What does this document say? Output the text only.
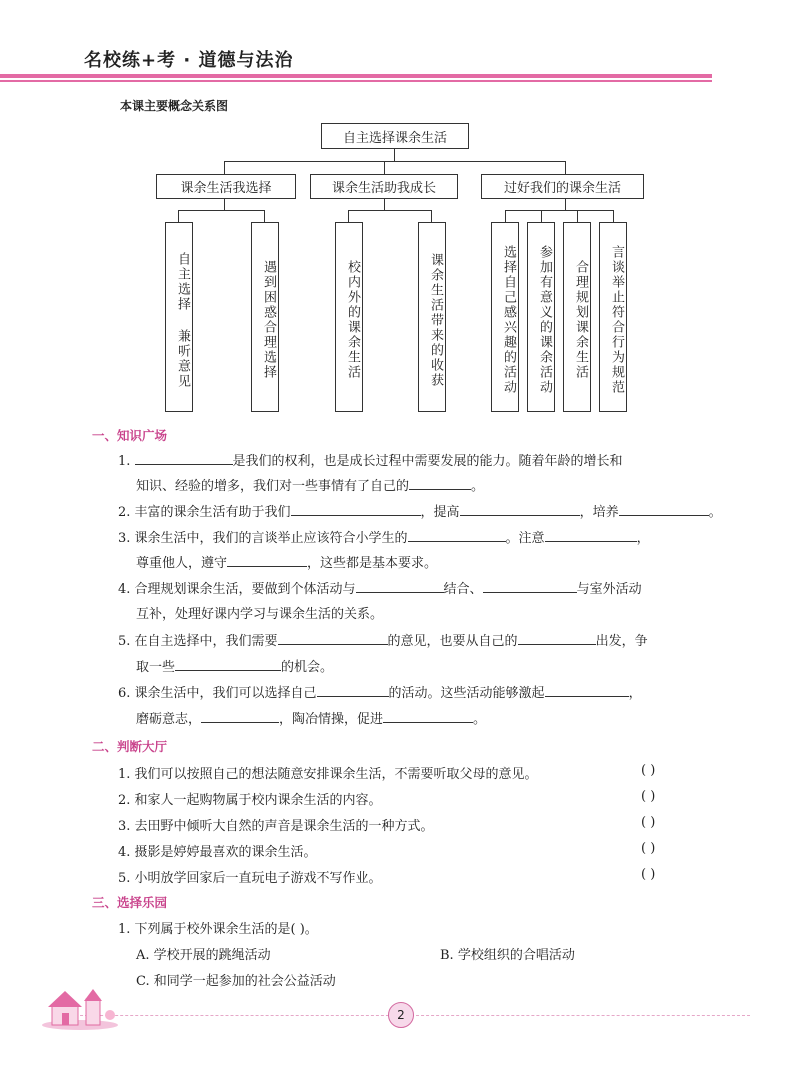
名校练+考 · 道德与法治
本课主要概念关系图
自主选择课余生活
课余生活我选择	课余生活助我成长	过好我们的课余生活
自主选择 兼听意见	遇到困惑合理选择	校内外的课余生活	课余生活带来的收获	选择自己感兴趣的活动	参加有意义的课余活动	合理规划课余生活	言谈举止符合行为规范
一、知识广场
1.	是我们的权利，也是成长过程中需要发展的能力。随着年龄的增长和
知识、经验的增多，我们对一些事情有了自己的	。
2. 丰富的课余生活有助于我们	，提高	，培养	。
3. 课余生活中，我们的言谈举止应该符合小学生的	。注意	，
尊重他人，遵守	，这些都是基本要求。
4. 合理规划课余生活，要做到个体活动与	结合、	与室外活动
互补，处理好课内学习与课余生活的关系。
5. 在自主选择中，我们需要	的意见，也要从自己的	出发，争
取一些	的机会。
6. 课余生活中，我们可以选择自己	的活动。这些活动能够激起	，
磨砺意志，	，陶冶情操，促进	。
二、判断大厅
1. 我们可以按照自己的想法随意安排课余生活，不需要听取父母的意见。	( )
2. 和家人一起购物属于校内课余生活的内容。	( )
3. 去田野中倾听大自然的声音是课余生活的一种方式。	( )
4. 摄影是婷婷最喜欢的课余生活。	( )
5. 小明放学回家后一直玩电子游戏不写作业。	( )
三、选择乐园
1. 下列属于校外课余生活的是( )。
A. 学校开展的跳绳活动	B. 学校组织的合唱活动
C. 和同学一起参加的社会公益活动
2
